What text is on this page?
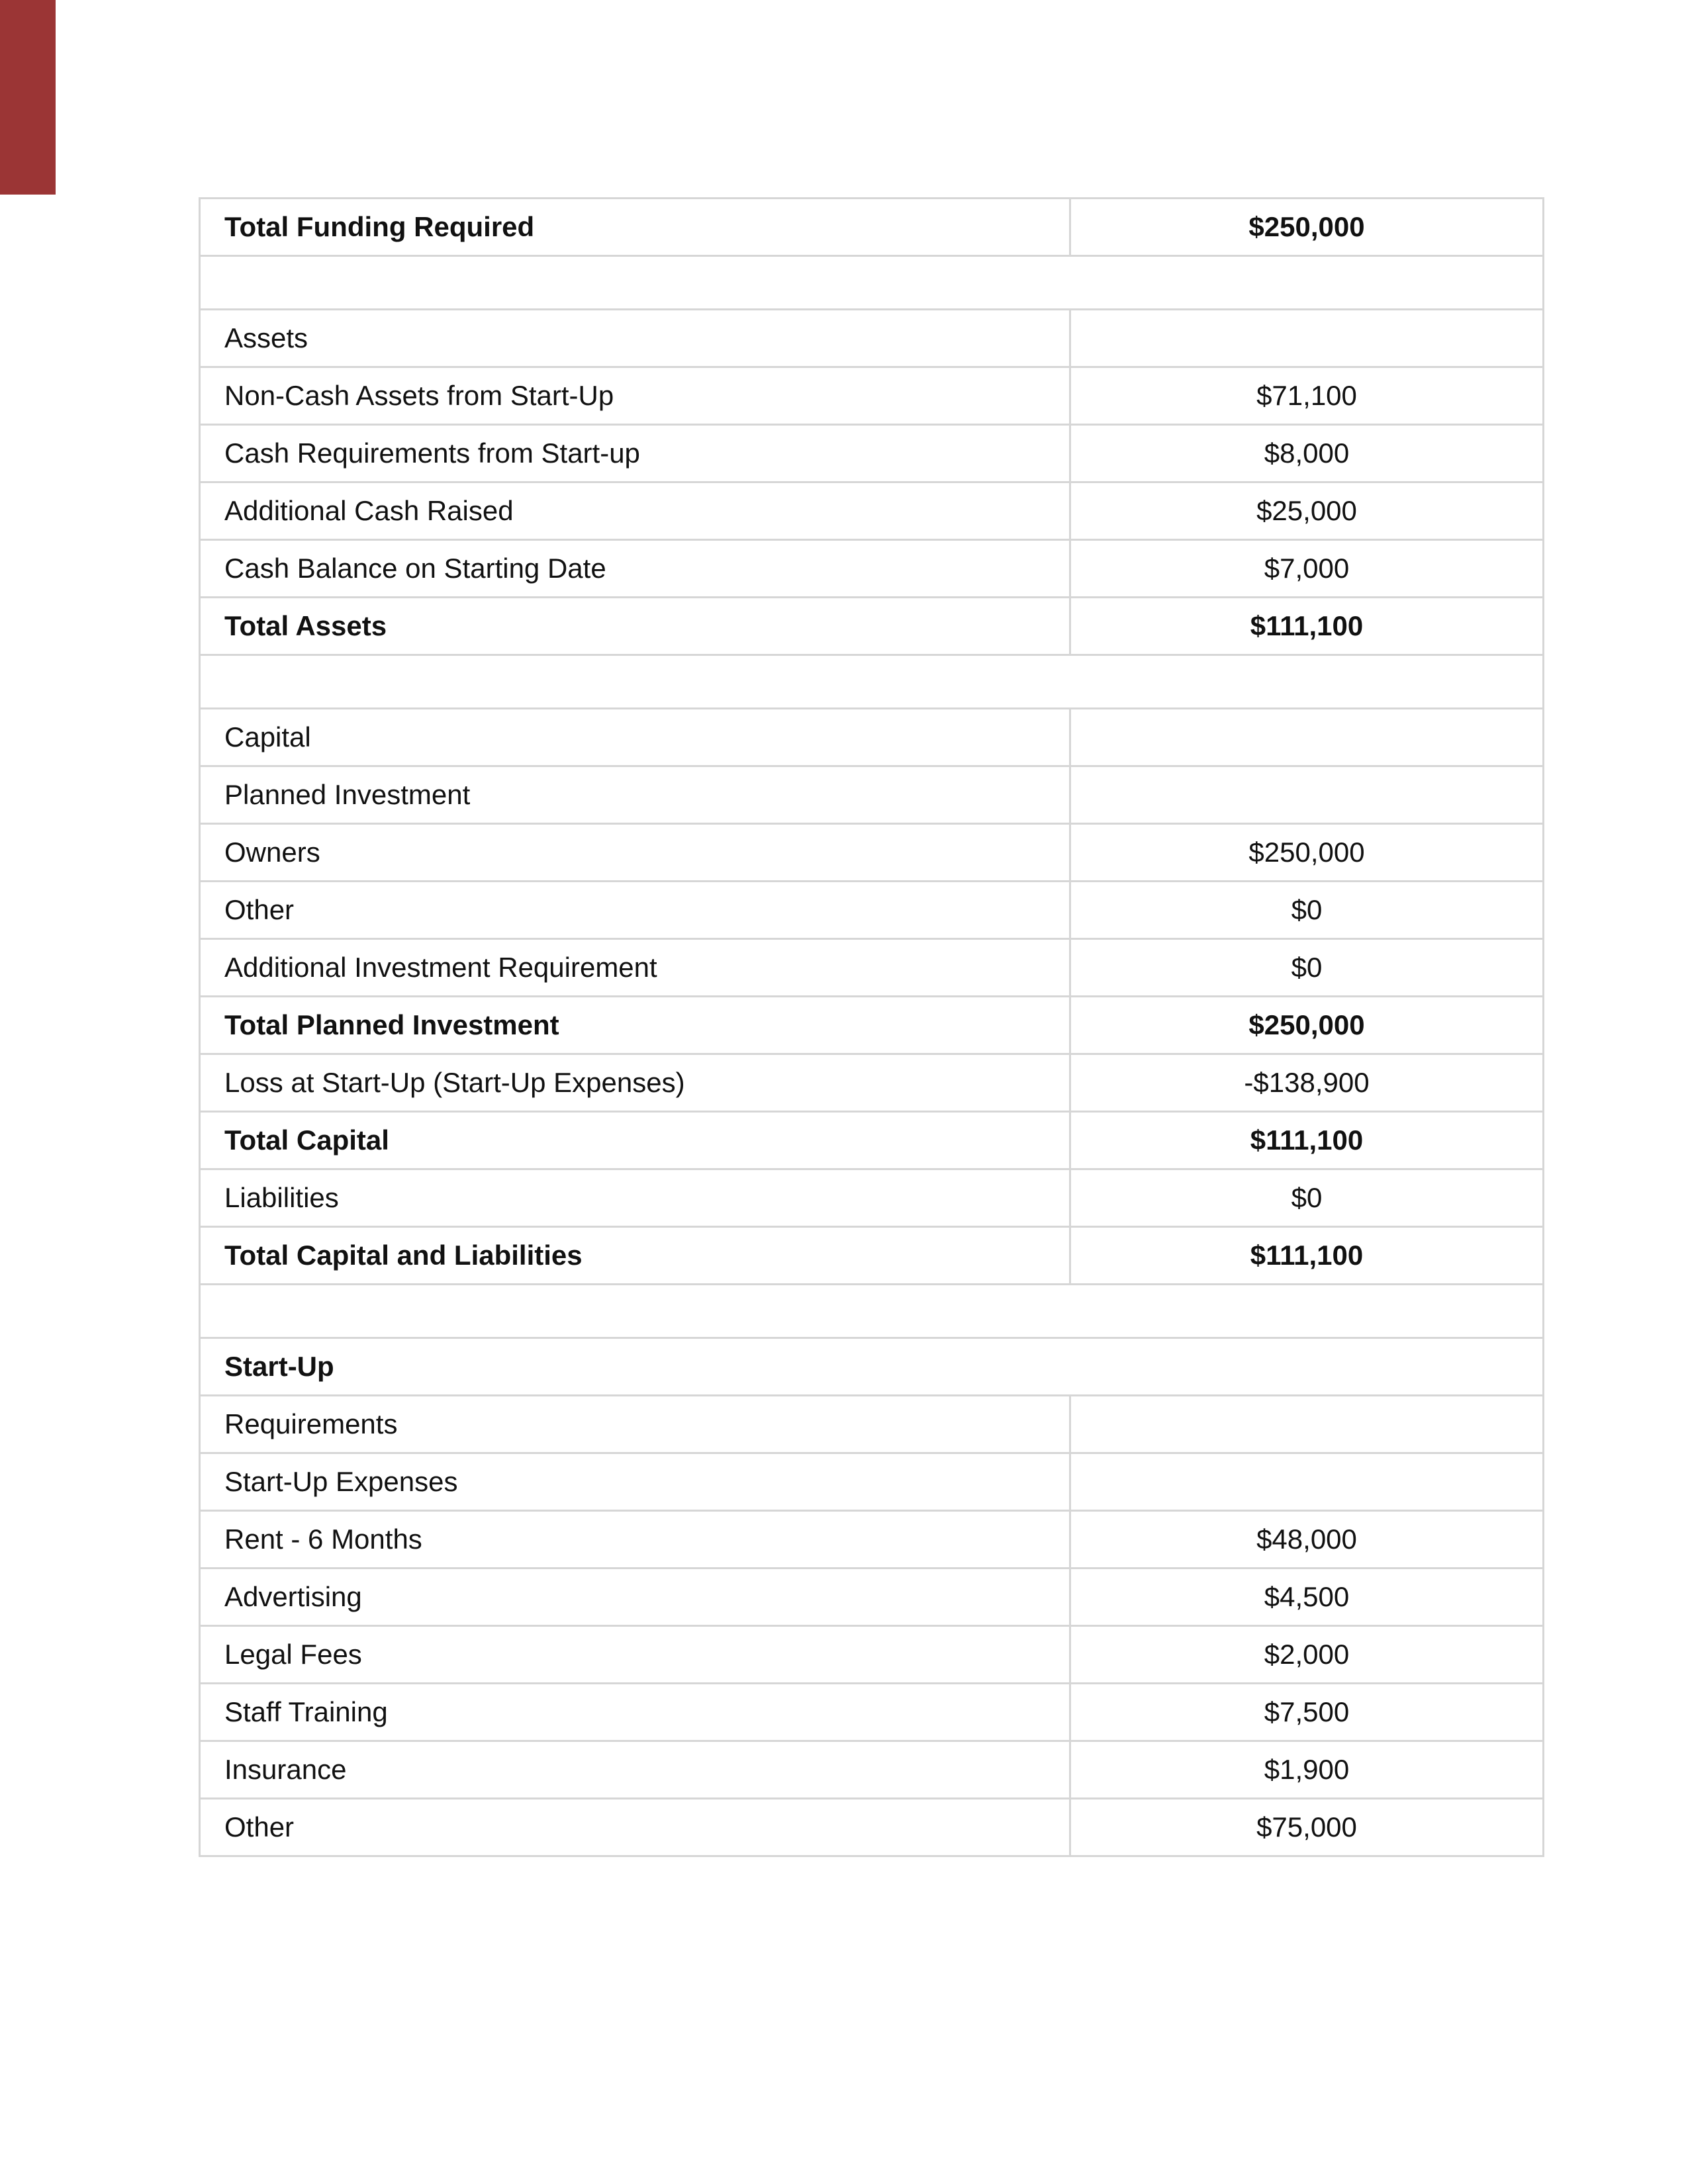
Total Funding Required	$250,000

Assets	
Non-Cash Assets from Start-Up	$71,100
Cash Requirements from Start-up	$8,000
Additional Cash Raised	$25,000
Cash Balance on Starting Date	$7,000
Total Assets	$111,100

Capital	
Planned Investment	
Owners	$250,000
Other	$0
Additional Investment Requirement	$0
Total Planned Investment	$250,000
Loss at Start-Up (Start-Up Expenses)	-$138,900
Total Capital	$111,100
Liabilities	$0
Total Capital and Liabilities	$111,100

Start-Up	
Requirements	
Start-Up Expenses	
Rent - 6 Months	$48,000
Advertising	$4,500
Legal Fees	$2,000
Staff Training	$7,500
Insurance	$1,900
Other	$75,000
